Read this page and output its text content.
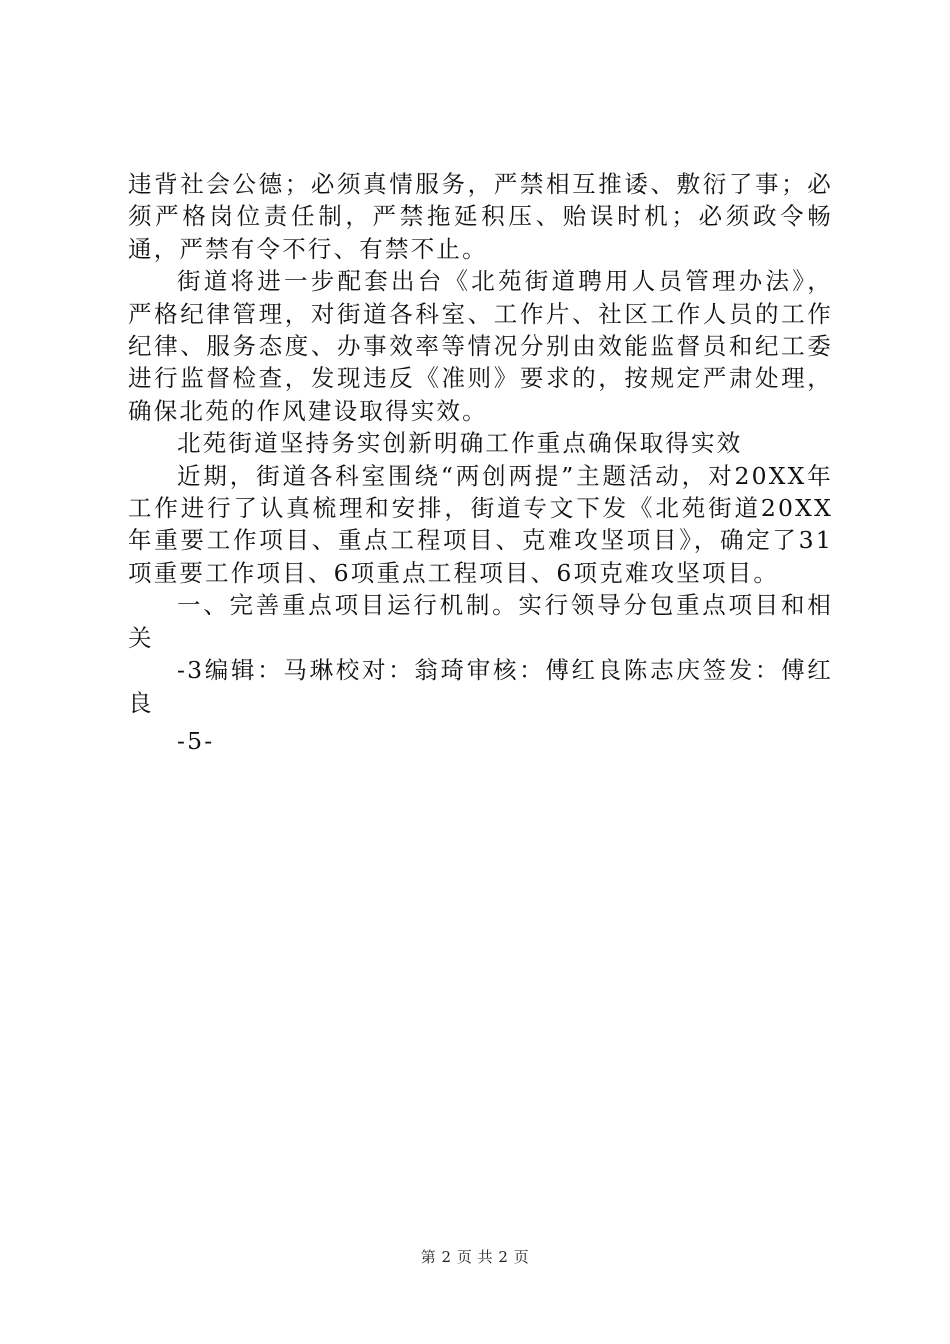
违背社会公德；必须真情服务，严禁相互推诿、敷衍了事；必须严格岗位责任制，严禁拖延积压、贻误时机；必须政令畅通，严禁有令不行、有禁不止。

街道将进一步配套出台《北苑街道聘用人员管理办法》，严格纪律管理，对街道各科室、工作片、社区工作人员的工作纪律、服务态度、办事效率等情况分别由效能监督员和纪工委进行监督检查，发现违反《准则》要求的，按规定严肃处理，确保北苑的作风建设取得实效。

北苑街道坚持务实创新明确工作重点确保取得实效

近期，街道各科室围绕“两创两提”主题活动，对20XX年工作进行了认真梳理和安排，街道专文下发《北苑街道20XX年重要工作项目、重点工程项目、克难攻坚项目》，确定了31项重要工作项目、6项重点工程项目、6项克难攻坚项目。

一、完善重点项目运行机制。实行领导分包重点项目和相关

-3编辑：马琳校对：翁琦审核：傅红良陈志庆签发：傅红良

-5-

第 2 页 共 2 页
